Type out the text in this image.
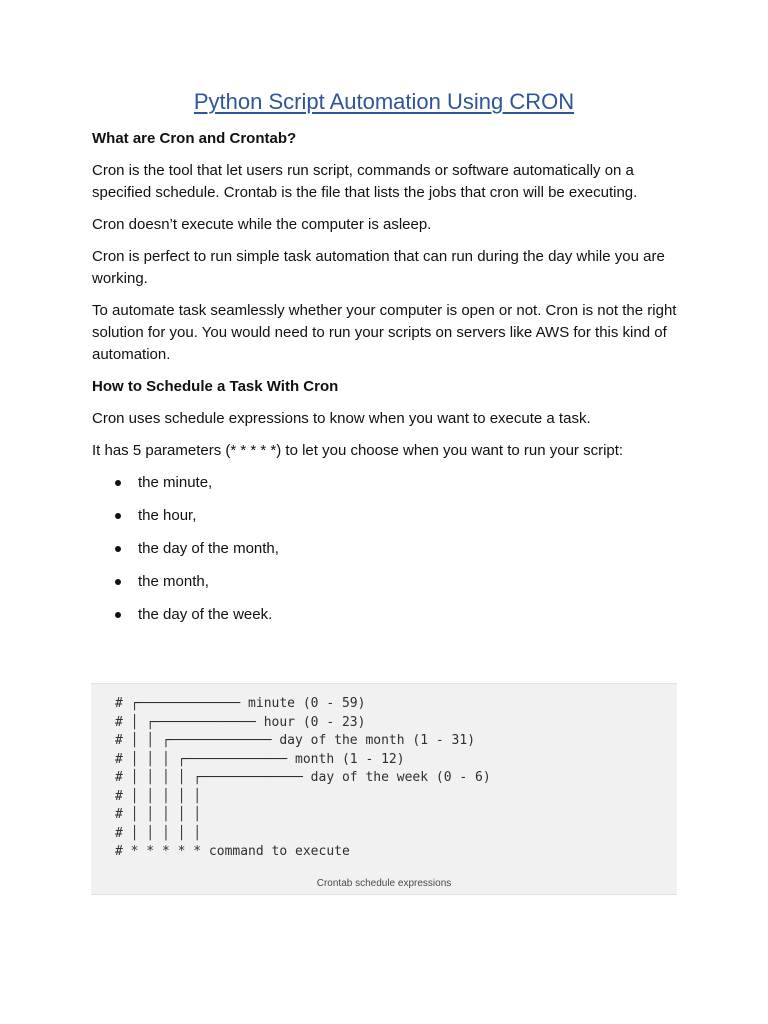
Python Script Automation Using CRON

What are Cron and Crontab?

Cron is the tool that let users run script, commands or software automatically on a specified schedule. Crontab is the file that lists the jobs that cron will be executing.

Cron doesn’t execute while the computer is asleep.

Cron is perfect to run simple task automation that can run during the day while you are working.

To automate task seamlessly whether your computer is open or not. Cron is not the right solution for you. You would need to run your scripts on servers like AWS for this kind of automation.

How to Schedule a Task With Cron

Cron uses schedule expressions to know when you want to execute a task.

It has 5 parameters (* * * * *) to let you choose when you want to run your script:

the minute,
the hour,
the day of the month,
the month,
the day of the week.
# ┌───────────── minute (0 - 59)
# │ ┌───────────── hour (0 - 23)
# │ │ ┌───────────── day of the month (1 - 31)
# │ │ │ ┌───────────── month (1 - 12)
# │ │ │ │ ┌───────────── day of the week (0 - 6)
# │ │ │ │ │
# │ │ │ │ │
# │ │ │ │ │
# * * * * * command to execute
Crontab schedule expressions
